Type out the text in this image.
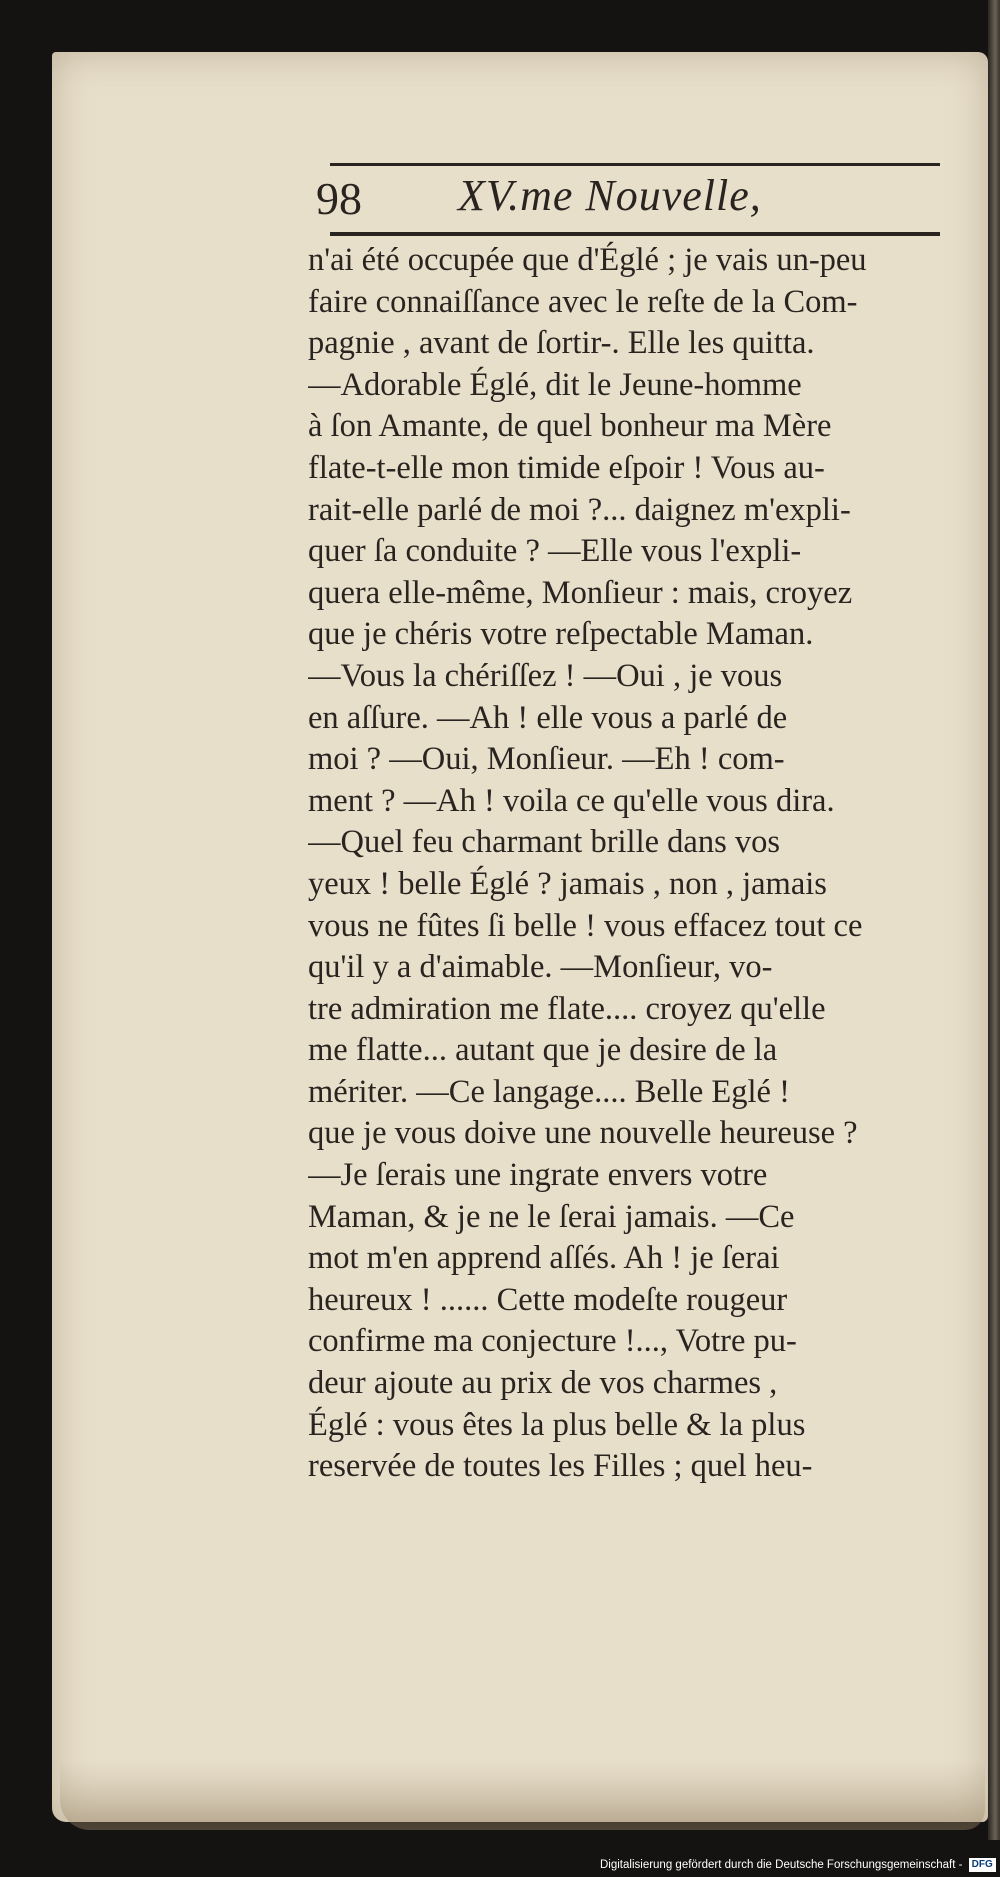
98 XV.me Nouvelle,
n'ai été occupée que d'Églé ; je vais un-peu
faire connaiſſance avec le reſte de la Com-
pagnie , avant de ſortir-. Elle les quitta.
—Adorable Églé, dit le Jeune-homme
à ſon Amante, de quel bonheur ma Mère
flate-t-elle mon timide eſpoir ! Vous au-
rait-elle parlé de moi ?... daignez m'expli-
quer ſa conduite ? —Elle vous l'expli-
quera elle-même, Monſieur : mais, croyez
que je chéris votre reſpectable Maman.
—Vous la chériſſez ! —Oui , je vous
en aſſure. —Ah ! elle vous a parlé de
moi ? —Oui, Monſieur. —Eh ! com-
ment ? —Ah ! voila ce qu'elle vous dira.
—Quel feu charmant brille dans vos
yeux ! belle Églé ? jamais , non , jamais
vous ne fûtes ſi belle ! vous effacez tout ce
qu'il y a d'aimable. —Monſieur, vo-
tre admiration me flate.... croyez qu'elle
me flatte... autant que je desire de la
mériter. —Ce langage.... Belle Eglé !
que je vous doive une nouvelle heureuse ?
—Je ſerais une ingrate envers votre
Maman, & je ne le ſerai jamais. —Ce
mot m'en apprend aſſés. Ah ! je ſerai
heureux ! ...... Cette modeſte rougeur
confirme ma conjecture !..., Votre pu-
deur ajoute au prix de vos charmes ,
Églé : vous êtes la plus belle & la plus
reservée de toutes les Filles ; quel heu-
Digitalisierung gefördert durch die Deutsche Forschungsgemeinschaft - DFG
